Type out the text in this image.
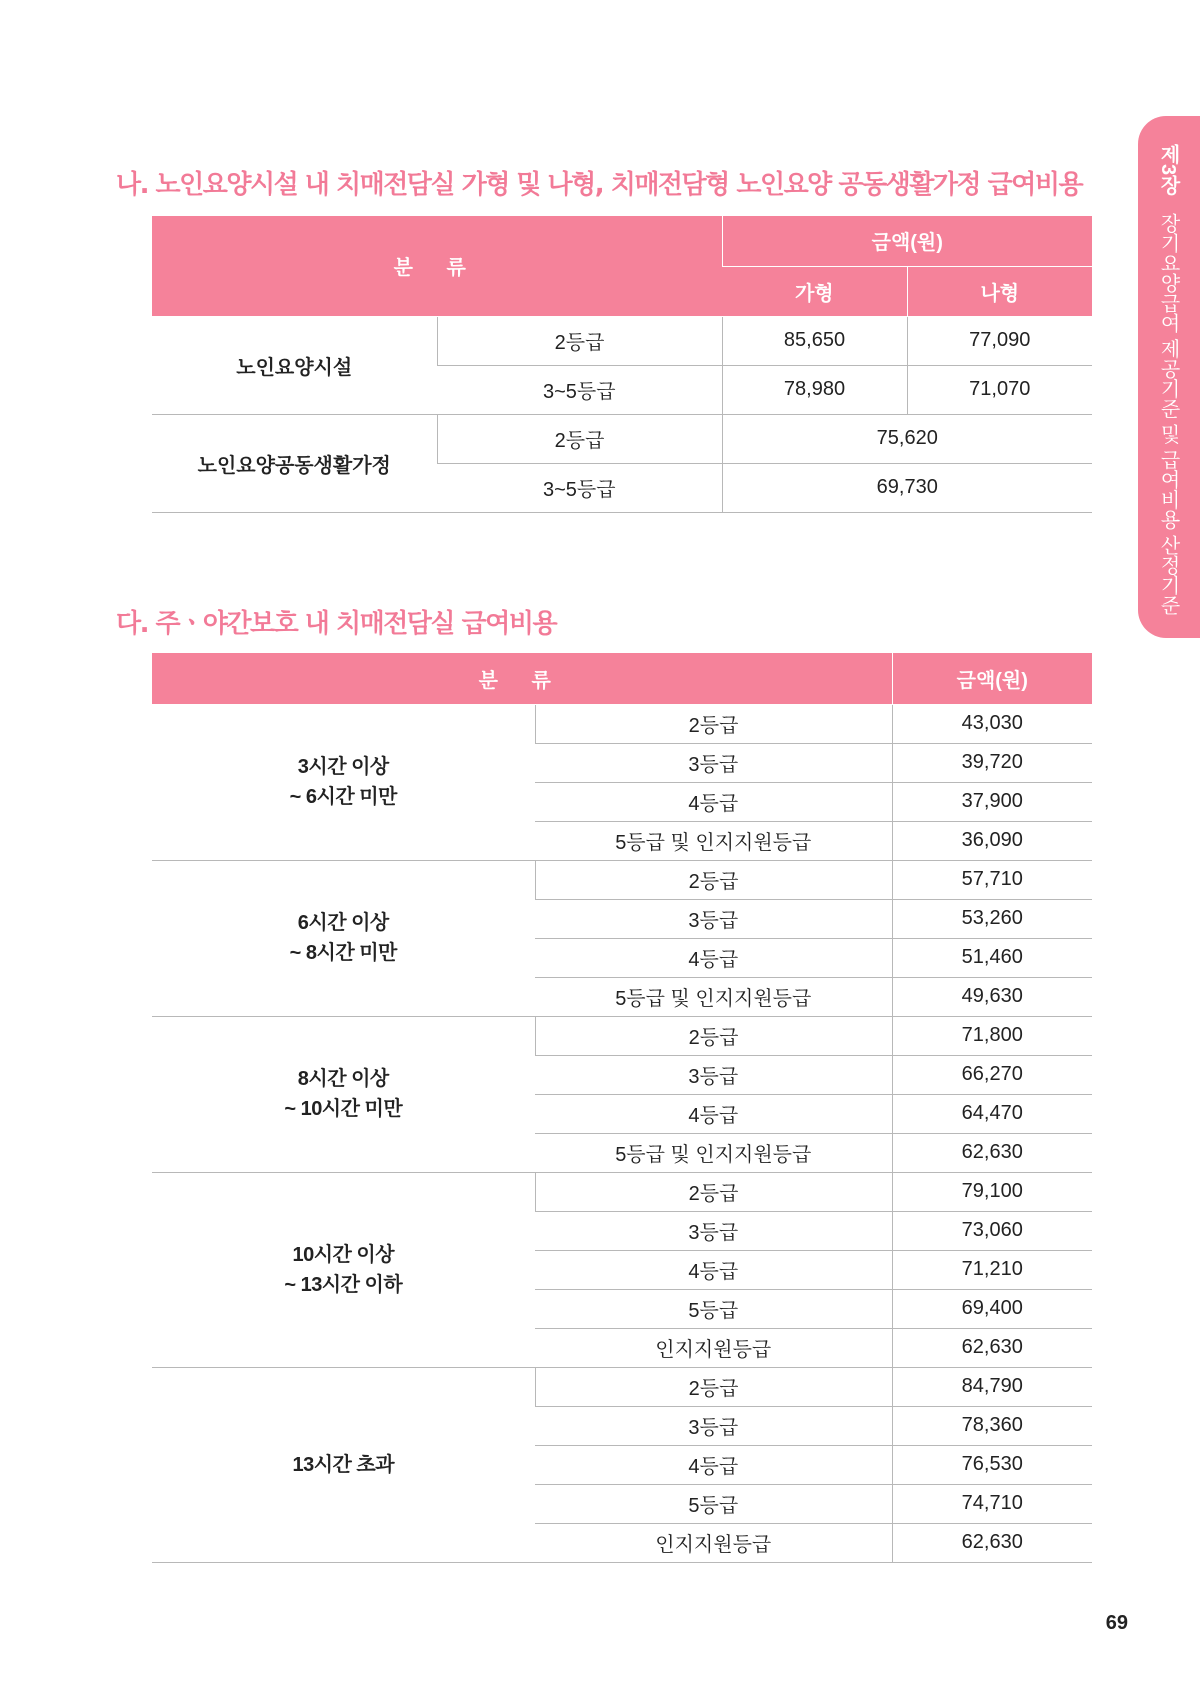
제3장 장기요양급여 제공기준 및 급여비용 산정기준
나. 노인요양시설 내 치매전담실 가형 및 나형, 치매전담형 노인요양 공동생활가정 급여비용
분 류		금액(원)	
		가형	나형
노인요양시설	2등급	85,650	77,090
	3~5등급	78,980	71,070
노인요양공동생활가정	2등급	75,620	
	3~5등급	69,730	
다. 주ㆍ야간보호 내 치매전담실 급여비용
분 류		금액(원)

3시간 이상
~ 6시간 미만	2등급	43,030
	3등급	39,720
	4등급	37,900
	5등급 및 인지지원등급	36,090

6시간 이상
~ 8시간 미만	2등급	57,710
	3등급	53,260
	4등급	51,460
	5등급 및 인지지원등급	49,630

8시간 이상
~ 10시간 미만	2등급	71,800
	3등급	66,270
	4등급	64,470
	5등급 및 인지지원등급	62,630

10시간 이상
~ 13시간 이하	2등급	79,100
	3등급	73,060
	4등급	71,210
	5등급	69,400
	인지지원등급	62,630

13시간 초과	2등급	84,790
	3등급	78,360
	4등급	76,530
	5등급	74,710
	인지지원등급	62,630
69
